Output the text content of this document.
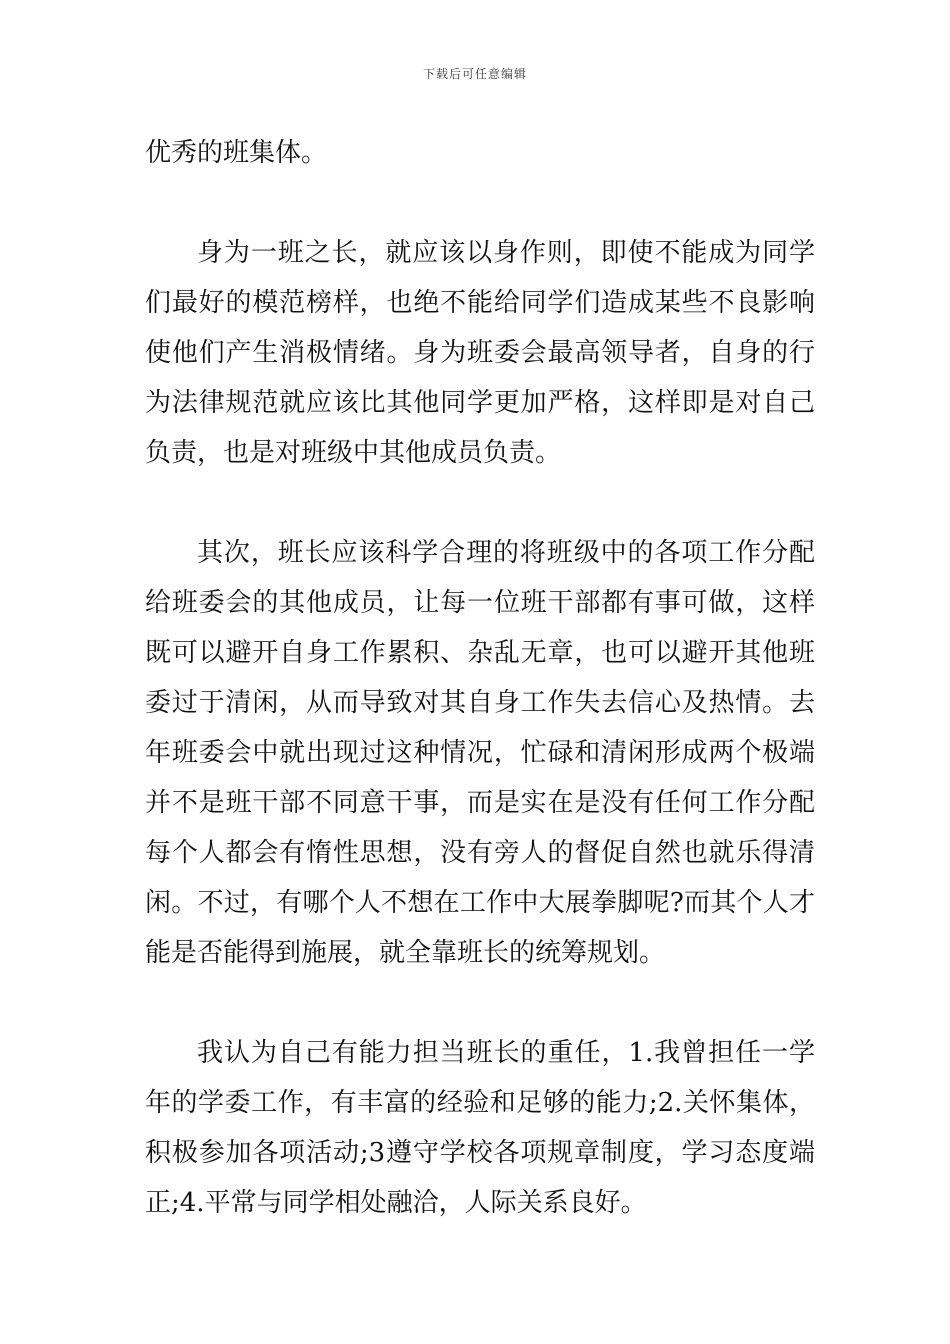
下载后可任意编辑

优秀的班集体。

身为一班之长，就应该以身作则，即使不能成为同学们最好的模范榜样，也绝不能给同学们造成某些不良影响使他们产生消极情绪。身为班委会最高领导者，自身的行为法律规范就应该比其他同学更加严格，这样即是对自己负责，也是对班级中其他成员负责。

其次，班长应该科学合理的将班级中的各项工作分配给班委会的其他成员，让每一位班干部都有事可做，这样既可以避开自身工作累积、杂乱无章，也可以避开其他班委过于清闲，从而导致对其自身工作失去信心及热情。去年班委会中就出现过这种情况，忙碌和清闲形成两个极端并不是班干部不同意干事，而是实在是没有任何工作分配每个人都会有惰性思想，没有旁人的督促自然也就乐得清闲。不过，有哪个人不想在工作中大展拳脚呢?而其个人才能是否能得到施展，就全靠班长的统筹规划。

我认为自己有能力担当班长的重任，1.我曾担任一学年的学委工作，有丰富的经验和足够的能力;2.关怀集体，积极参加各项活动;3遵守学校各项规章制度，学习态度端正;4.平常与同学相处融洽，人际关系良好。
